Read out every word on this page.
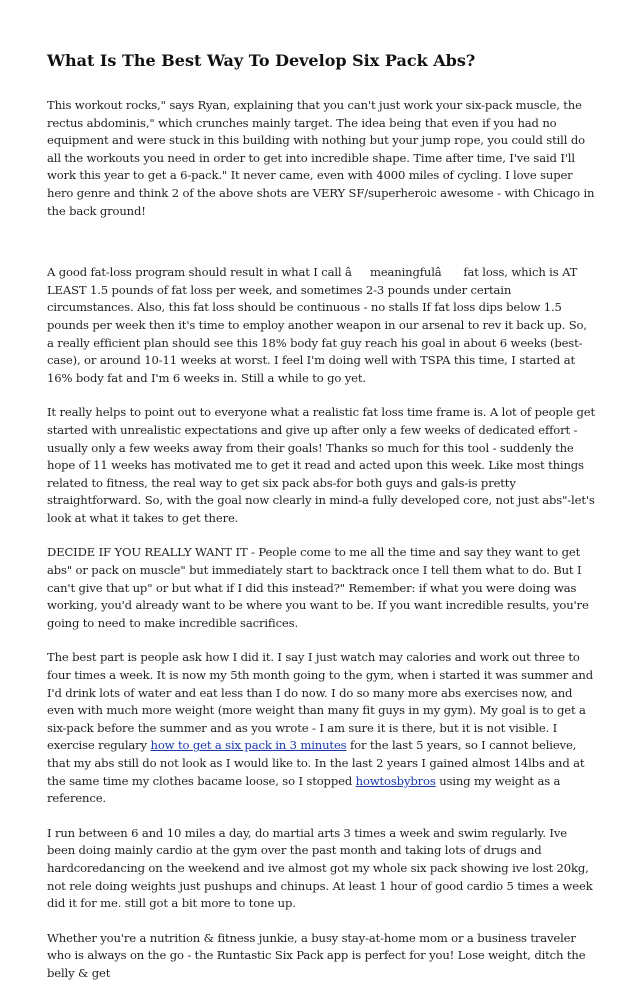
What Is The Best Way To Develop Six Pack Abs?

This workout rocks," says Ryan, explaining that you can't just work your six-pack muscle, the rectus abdominis," which crunches mainly target. The idea being that even if you had no equipment and were stuck in this building with nothing but your jump rope, you could still do all the workouts you need in order to get into incredible shape. Time after time, I've said I'll work this year to get a 6-pack." It never came, even with 4000 miles of cycling. I love super hero genre and think 2 of the above shots are VERY SF/superheroic awesome - with Chicago in the back ground!

A good fat-loss program should result in what I call âmeaningfulâ fat loss, which is AT LEAST 1.5 pounds of fat loss per week, and sometimes 2-3 pounds under certain circumstances. Also, this fat loss should be continuous - no stalls If fat loss dips below 1.5 pounds per week then it's time to employ another weapon in our arsenal to rev it back up. So, a really efficient plan should see this 18% body fat guy reach his goal in about 6 weeks (best-case), or around 10-11 weeks at worst. I feel I'm doing well with TSPA this time, I started at 16% body fat and I'm 6 weeks in. Still a while to go yet.

It really helps to point out to everyone what a realistic fat loss time frame is. A lot of people get started with unrealistic expectations and give up after only a few weeks of dedicated effort - usually only a few weeks away from their goals! Thanks so much for this tool - suddenly the hope of 11 weeks has motivated me to get it read and acted upon this week. Like most things related to fitness, the real way to get six pack abs-for both guys and gals-is pretty straightforward. So, with the goal now clearly in mind-a fully developed core, not just abs"-let's look at what it takes to get there.

DECIDE IF YOU REALLY WANT IT - People come to me all the time and say they want to get abs" or pack on muscle" but immediately start to backtrack once I tell them what to do. But I can't give that up" or but what if I did this instead?" Remember: if what you were doing was working, you'd already want to be where you want to be. If you want incredible results, you're going to need to make incredible sacrifices.

The best part is people ask how I did it. I say I just watch may calories and work out three to four times a week. It is now my 5th month going to the gym, when i started it was summer and I'd drink lots of water and eat less than I do now. I do so many more abs exercises now, and even with much more weight (more weight than many fit guys in my gym). My goal is to get a six-pack before the summer and as you wrote - I am sure it is there, but it is not visible. I exercise regulary how to get a six pack in 3 minutes for the last 5 years, so I cannot believe, that my abs still do not look as I would like to. In the last 2 years I gained almost 14lbs and at the same time my clothes bacame loose, so I stopped howtosbybros using my weight as a reference.

I run between 6 and 10 miles a day, do martial arts 3 times a week and swim regularly. Ive been doing mainly cardio at the gym over the past month and taking lots of drugs and hardcoredancing on the weekend and ive almost got my whole six pack showing ive lost 20kg, not rele doing weights just pushups and chinups. At least 1 hour of good cardio 5 times a week did it for me. still got a bit more to tone up.

Whether you're a nutrition & fitness junkie, a busy stay-at-home mom or a business traveler who is always on the go - the Runtastic Six Pack app is perfect for you! Lose weight, ditch the belly & get
